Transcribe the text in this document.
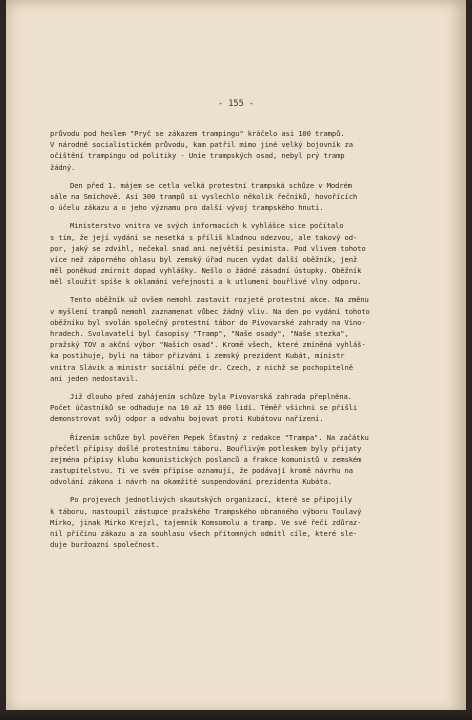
- 155 -
průvodu pod heslem "Pryč se zákazem trampingu" kráčelo asi 100 trampů.
V národně socialistickém průvodu, kam patřil mimo jiné velký bojovník za
očištění trampingu od politiky - Unie trampských osad, nebyl prý tramp
žádný.
Den před 1. májem se cetla velká protestní trampská schůze v Modrém
sále na Smíchově. Asi 300 trampů si vyslechlo několik řečníků, hovořících
o účelu zákazu a o jeho významu pro další vývoj trampského hnutí.
Ministerstvo vnitra ve svých informacích k vyhlášce sice počítalo
s tím, že její vydání se nesetká s příliš kladnou odezvou, ale takový od-
por, jaký se zdvihl, nečekal snad ani největší pesimista. Pod vlivem tohoto
více než záporného ohlasu byl zemský úřad nucen vydat další oběžník, jenž
měl poněkud zmírnit dopad vyhlášky. Nešlo o žádné zásadní ústupky. Oběžník
měl sloužit spíše k oklamání veřejnosti a k utlumení bouřlivé vlny odporu.
Tento oběžník už ovšem nemohl zastavit rozjeté protestní akce. Na změnu
v myšlení trampů nemohl zaznamenat vůbec žádný vliv. Na den po vydání tohoto
oběžníku byl svolán společný protestní tábor do Pivovarské zahrady na Vino-
hradech. Svolavateli byl časopisy "Tramp", "Naše osady", "Naše stezka",
pražský TOV a akční výbor "Našich osad". Kromě všech, které zmíněná vyhláš-
ka postihuje, byli na tábor přizváni i zemský prezident Kubát, ministr
vnitra Slávik a ministr sociální péče dr. Czech, z nichž se pochopitelně
ani jeden nedostavil.
Již dlouho před zahájením schůze byla Pivovarská zahrada přeplněna.
Počet účastníků se odhaduje na 10 až 15 000 lidí. Téměř všichni se přišli
demonstrovat svůj odpor a odvahu bojovat proti Kubátovu nařízení.
Řízením schůze byl pověřen Pepek Šťastný z redakce "Trampa". Na začátku
přečetl přípisy došlé protestnímu táboru. Bouřlivým potleskem byly přijaty
zejména přípisy klubu komunistických poslanců a frakce komunistů v zemském
zastupitelstvu. Ti ve svém přípise oznamují, že podávají kromě návrhu na
odvolání zákona i návrh na okamžité suspendování prezidenta Kubáta.
Po projevech jednotlivých skautských organizací, které se připojily
k táboru, nastoupil zástupce pražského Trampského obranného výboru Toulavý
Mirko, jinak Mirko Krejzl, tajemník Komsomolu a tramp. Ve své řeči zdůraz-
nil příčinu zákazu a za souhlasu všech přítomných odmítl cíle, které sle-
duje buržoazní společnost.
